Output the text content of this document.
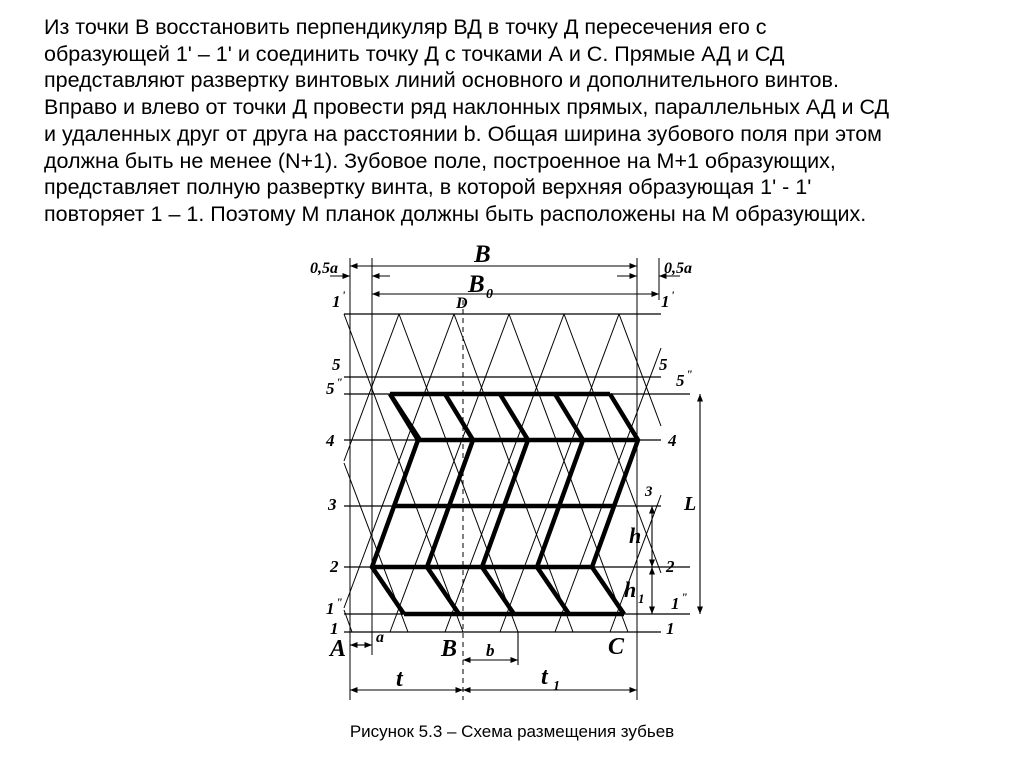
Из точки В восстановить перпендикуляр ВД в точку Д пересечения его с
образующей 1' – 1' и соединить точку Д с точками А и С. Прямые АД и СД
представляют развертку винтовых линий основного и дополнительного винтов.
Вправо и влево от точки Д провести ряд наклонных прямых, параллельных АД и СД
и удаленных друг от друга на расстоянии b. Общая ширина зубового поля при этом
должна быть не менее (N+1). Зубовое поле, построенное на М+1 образующих,
представляет полную развертку винта, в которой верхняя образующая 1' - 1'
повторяет 1 – 1. Поэтому М планок должны быть расположены на М образующих.
B
B 0
0,5a	0,5a
D
1 '	1 '
5	5
5 "	5 "
4	4
3
3
2	2
1 "	1 "
1	1
L
h
h 1
A a B b	C
t	t 1
Рисунок 5.3 – Схема размещения зубьев
